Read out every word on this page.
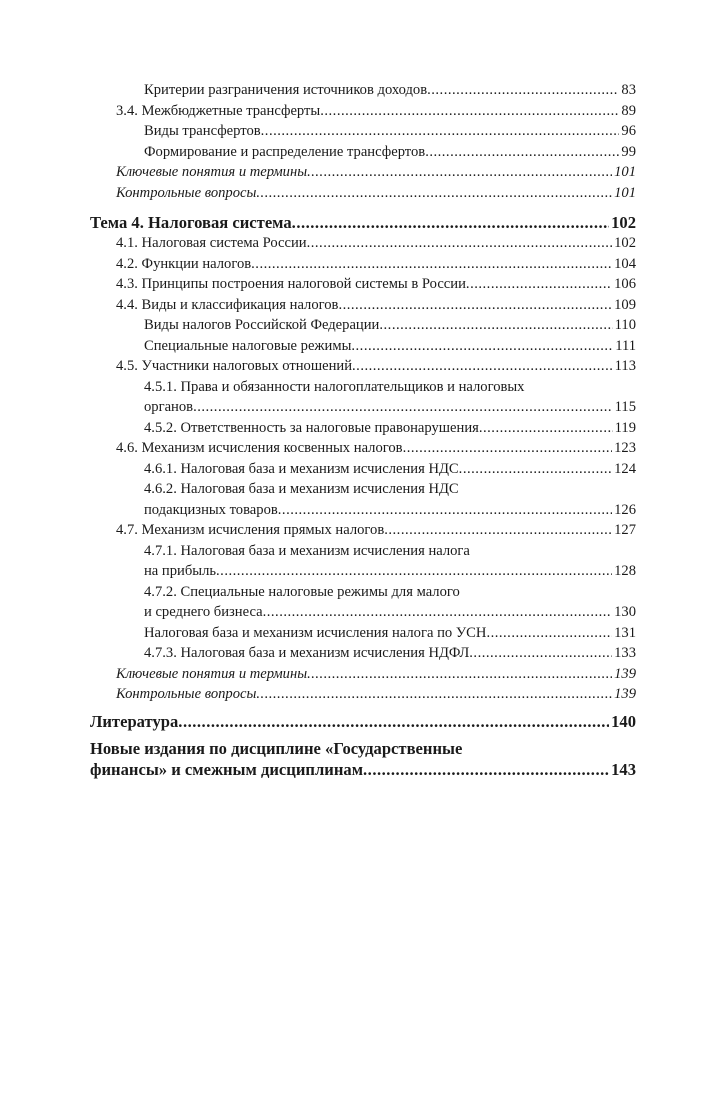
Критерии разграничения источников доходов .....	83
3.4. Межбюджетные трансферты .....	89
Виды трансфертов .....	96
Формирование и распределение трансфертов .....	99
Ключевые понятия и термины .....	101
Контрольные вопросы .....	101
Тема 4. Налоговая система .....	102
4.1. Налоговая система России .....	102
4.2. Функции налогов .....	104
4.3. Принципы построения налоговой системы в России .....	106
4.4. Виды и классификация налогов .....	109
Виды налогов Российской Федерации .....	110
Специальные налоговые режимы .....	111
4.5. Участники налоговых отношений .....	113
4.5.1. Права и обязанности налогоплательщиков и налоговых
органов .....	115
4.5.2. Ответственность за налоговые правонарушения .....	119
4.6. Механизм исчисления косвенных налогов .....	123
4.6.1. Налоговая база и механизм исчисления НДС .....	124
4.6.2. Налоговая база и механизм исчисления НДС
подакцизных товаров .....	126
4.7. Механизм исчисления прямых налогов .....	127
4.7.1. Налоговая база и механизм исчисления налога
на прибыль .....	128
4.7.2. Специальные налоговые режимы для малого
и среднего бизнеса .....	130
Налоговая база и механизм исчисления налога по УСН .....	131
4.7.3. Налоговая база и механизм исчисления НДФЛ .....	133
Ключевые понятия и термины .....	139
Контрольные вопросы .....	139
Литература .....	140
Новые издания по дисциплине «Государственные
финансы» и смежным дисциплинам .....	143
